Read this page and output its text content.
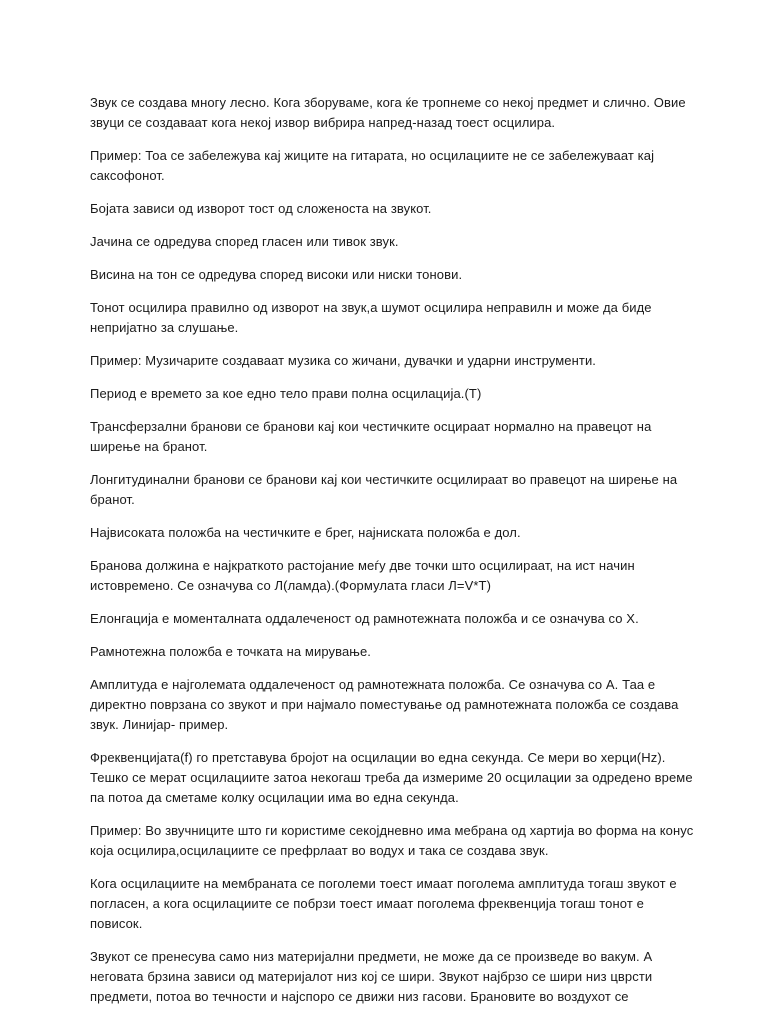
Звук се создава многу лесно. Кога зборуваме, кога ќе тропнеме со некој предмет и слично. Овие
звуци се создаваат кога некој извор вибрира напред-назад тоест осцилира.

Пример: Тоа се забележува кај жиците на гитарата, но осцилациите не се забележуваат кај
саксофонот.

Бојата зависи од изворот тост од сложеноста на звукот.

Јачина се одредува според гласен или тивок звук.

Висина на тон се одредува според високи или ниски тонови.

Тонот осцилира правилно од изворот на звук,а шумот осцилира неправилн и може да биде
непријатно за слушање.

Пример: Музичарите создаваат музика со жичани, дувачки и ударни инструменти.

Период е времето за кое едно тело прави полна осцилација.(T)

Трансферзални бранови се бранови кај кои честичките осцираат нормално на правецот на
ширење на бранот.

Лонгитудинални бранови се бранови кај кои честичките осцилираат во правецот на ширење на
бранот.

Највисоката положба на честичките е брег, најниската положба е дол.

Бранова должина е најкраткото растојание меѓу две точки што осцилираат, на ист начин
истовремено. Се означува со Л(ламда).(Формулата гласи Л=V*T)

Елонгација е моменталната оддалеченост од рамнотежната положба и се означува со X.

Рамнотежна положба е точката на мирување.

Амплитуда е најголемата оддалеченост од рамнотежната положба. Се означува со А. Таа е
директно поврзана со звукот и при најмало поместување од рамнотежната положба се создава
звук. Линијар- пример.

Фреквенцијата(f) го претставува бројот на осцилации во една секунда. Се мери во херци(Hz).
Тешко се мерат осцилациите затоа некогаш треба да измериме 20 осцилации за одредено време
па потоа да сметаме колку осцилации има во една секунда.

Пример: Во звучниците што ги користиме секојдневно има мебрана од хартија во форма на конус
која осцилира,осцилациите се префрлаат во водух и така се создава звук.

Кога осцилациите на мембраната се поголеми тоест имаат поголема амплитуда тогаш звукот е
погласен, а кога осцилациите се побрзи тоест имаат поголема фреквенција тогаш тонот е повисок.

Звукот се пренесува само низ материјални предмети, не може да се произведе во вакум. А
неговата брзина зависи од материјалот низ кој се шири. Звукот најбрзо се шири низ цврсти
предмети, потоа во течности и најспоро се движи низ гасови. Брановите во воздухот се
